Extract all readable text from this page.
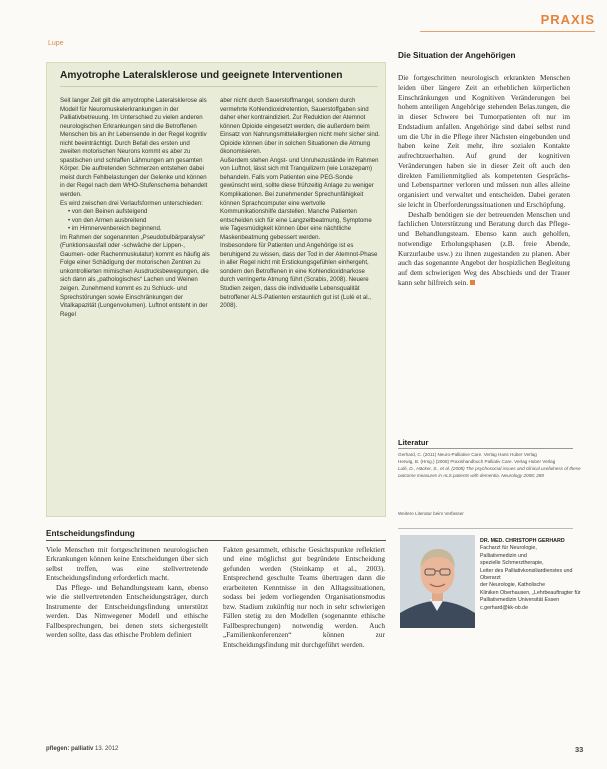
PRAXIS
Lupe
Amyotrophe Lateralsklerose und geeignete Interventionen

Seit langer Zeit gilt die amyotrophe Lateralsklerose als Modell für Neuromuskelerkrankungen in der Palliativbetreuung. Im Unterschied zu vielen anderen neurologischen Erkrankungen sind die Betroffenen Menschen bis an ihr Lebensende in der Regel kognitiv nicht beeinträchtigt. Durch Befall des ersten und zweiten motorischen Neurons kommt es aber zu spastischen und schlaffen Lähmungen am gesamten Körper. Die auftretenden Schmerzen entstehen dabei meist durch Fehlbelastungen der Gelenke und können in der Regel nach dem WHO-Stufenschema behandelt werden.

Es wird zwischen drei Verlaufsformen unterschieden:

• von den Beinen aufsteigend
• von den Armen ausbreitend
• im Hirnnervenbereich beginnend.

Im Rahmen der sogenannten „Pseudobulbärparalyse“ (Funktionsausfall oder -schwäche der Lippen-, Gaumen- oder Rachenmuskulatur) kommt es häufig als Folge einer Schädigung der motorischen Zentren zu unkontrollierten mimischen Ausdrucksbewegungen, die sich dann als „pathologisches“ Lachen und Weinen zeigen. Zunehmend kommt es zu Schluck- und Sprechstörungen sowie Einschränkungen der Vitalkapazität (Lungenvolumen). Luftnot entsteht in der Regel

aber nicht durch Sauerstoffmangel, sondern durch vermehrte Kohlendioxidretention, Sauerstoffgaben sind daher eher kontraindiziert. Zur Reduktion der Atemnot können Opioide eingesetzt werden, die außerdem beim Einsatz von Nahrungsmittelallergien nicht mehr sicher sind. Opioide können über in solchen Situationen die Atmung ökonomisieren.

Außerdem stehen Angst- und Unruhezustände im Rahmen von Luftnot, lässt sich mit Tranquilizern (wie Lorazepam) behandeln. Falls vom Patienten eine PEG-Sonde gewünscht wird, sollte diese frühzeitig Anlage zu weniger Komplikationen. Bei zunehmender Sprechunfähigkeit können Sprachcomputer eine wertvolle Kommunikationshilfe darstellen. Manche Patienten entscheiden sich für eine Langzeitbeatmung, Symptome wie Tagesmüdigkeit können über eine nächtliche Maskenbeatmung gebessert werden.

Insbesondere für Patienten und Angehörige ist es beruhigend zu wissen, dass der Tod in der Atemnot-Phase in aller Regel nicht mit Erstickungsgefühlen einhergeht, sondern den Betroffenen in eine Kohlendioxidnarkose durch verringerte Atmung führt (Scrabis, 2008). Neuere Studien zeigen, dass die individuelle Lebensqualität betroffener ALS-Patienten erstaunlich gut ist (Lulé et al., 2008).

Die Situation der Angehörigen

Die fortgeschritten neurologisch erkrankten Menschen leiden über längere Zeit an erheblichen körperlichen Einschränkungen und Kognitiven Veränderungen bei hohem anteiligen Angehörige stehenden Belas.tungen, die in dieser Schwere bei Tumorpatienten oft nur im Endstadium anfallen. Angehörige sind dabei selbst rund um die Uhr in die Pflege ihrer Nächsten eingebunden und haben keine Zeit mehr, ihre sozialen Kontakte aufrechtzuerhalten. Auf grund der kognitiven Veränderungen haben sie in dieser Zeit oft auch den direkten Familienmitglied als kompetenten Gesprächs- und Lebenspartner verloren und müssen nun alles alleine organisiert und verwaltet und entscheiden. Dabei geraten sie leicht in Überforderungssituationen und Erschöpfung.

Deshalb benötigen sie der betreuenden Menschen und fachlichen Unterstützung und Beratung durch das Pflege- und Behandlungsteam. Ebenso kann auch geholfen, notwendige Erholungsphasen (z.B. freie Abende, Kurzurlaube usw.) zu ihnen zugestanden zu planen. Aber auch das sogenannte Angebot der hospizlichen Begleitung auf dem schwierigen Weg des Abschieds und der Trauer kann sehr hilfreich sein.

Literatur

Gerhard, C. (2011) Neuro-Palliative Care. Verlag Hans Huber Verlag

Herwig, B. (Hrsg.) (2008) Praxishandbuch Palliativ Care. Verlag Huber Verlag

Lulé, D., Häcker, S., et al. (2008) The psychosocial issues and clinical usefulness of these outcome measures in ALS patients with dementia. Neurology 2008; 288

Weitere Literatur beim Verfasser
DR. MED. CHRISTOPH GERHARD
Facharzt für Neurologie,
Palliativmedizin und
spezielle Schmerztherapie,
Leiter des Palliativkonsiliardienstes und Oberarzt
der Neurologie, Katholische
Kliniken Oberhausen, „Lehrbeauftragter für Palliativmedizin Universität Essen
c.gerhard@kk-ob.de
Entscheidungsfindung

Viele Menschen mit fortgeschrittenen neurologischen Erkrankungen können keine Entscheidungen über sich selbst treffen, was eine stellvertretende Entscheidungsfindung erforderlich macht.

Das Pflege- und Behandlungsteam kann, ebenso wie die stellvertretenden Entscheidungsträger, durch Instrumente der Entscheidungsfindung unterstützt werden. Das Nimwegener Modell und ethische Fallbesprechungen, bei denen stets sichergestellt werden sollte, dass das ethische Problem definiert

Fakten gesammelt, ethische Gesichtspunkte reflektiert und eine möglichst gut begründete Entscheidung gefunden werden (Steinkamp et al., 2003). Entsprechend geschulte Teams übertragen dann die erarbeiteten Kenntnisse in den Alltagssituationen, sodass bei jedem vorliegenden Organisationsmodus bzw. Stadium zukünftig nur noch in sehr schwierigen Fällen stetig zu den Modellen (sogenannte ethische Fallbesprechungen) notwendig werden. Auch „Familienkonferenzen“ können zur Entscheidungsfindung mit durchgeführt werden.

pflegen: palliativ 13. 2012	33
